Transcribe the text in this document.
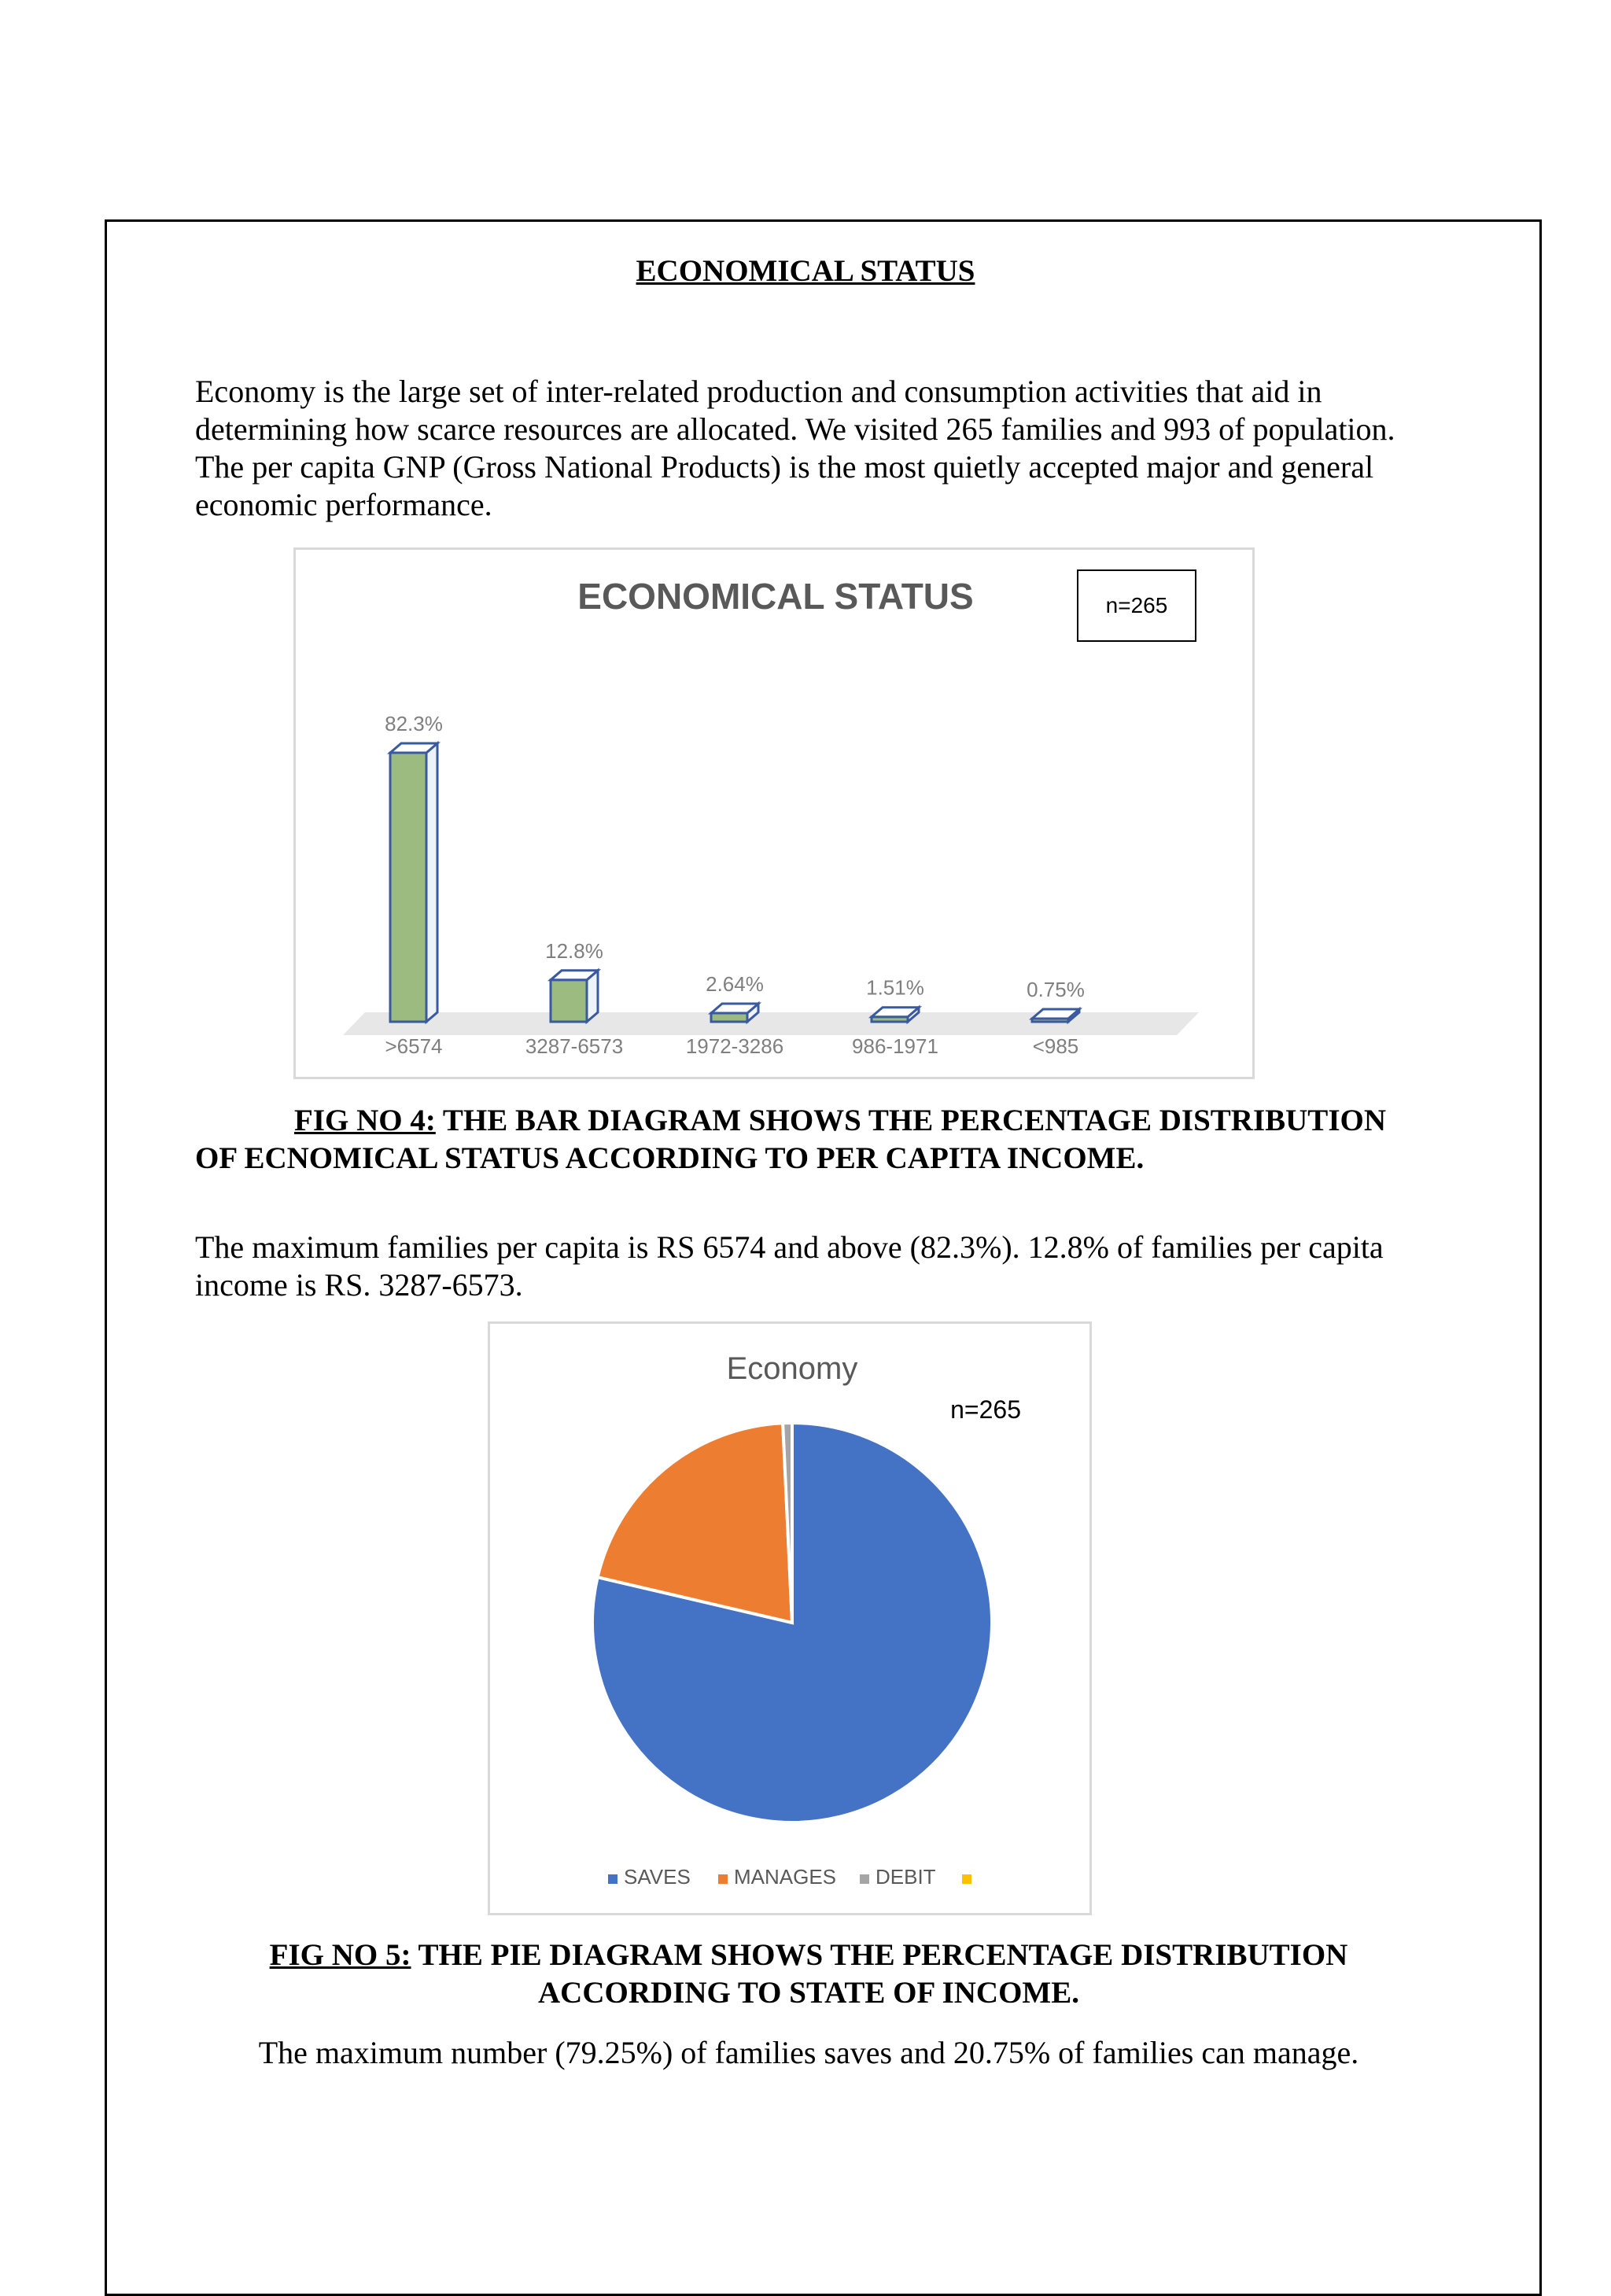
ECONOMICAL STATUS
Economy is the large set of inter-related production and consumption activities that aid in determining how scarce resources are allocated. We visited 265 families and 993 of population. The per capita GNP (Gross National Products) is the most quietly accepted major and general economic performance.
ECONOMICAL STATUS	n=265
82.3%
>6574
12.8%
3287-6573
2.64%
1972-3286
1.51%
986-1971
0.75%
<985
FIG NO 4: THE BAR DIAGRAM SHOWS THE PERCENTAGE DISTRIBUTION OF ECNOMICAL STATUS ACCORDING TO PER CAPITA INCOME.
The maximum families per capita is RS 6574 and above (82.3%). 12.8% of families per capita income is RS. 3287-6573.
Economy
n=265
SAVES MANAGES DEBIT
FIG NO 5: THE PIE DIAGRAM SHOWS THE PERCENTAGE DISTRIBUTION ACCORDING TO STATE OF INCOME.
The maximum number (79.25%) of families saves and 20.75% of families can manage.
